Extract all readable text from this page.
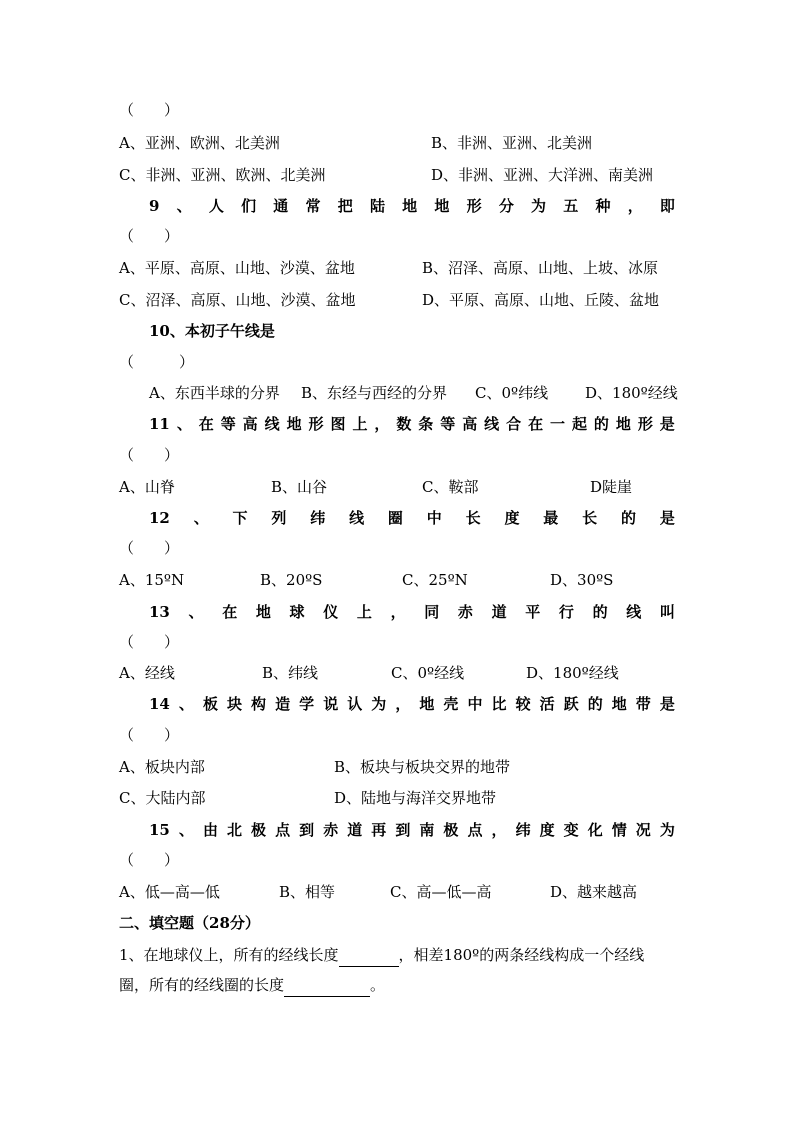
（　　）
A、亚洲、欧洲、北美洲	B、非洲、亚洲、北美洲
C、非洲、亚洲、欧洲、北美洲	D、非洲、亚洲、大洋洲、南美洲
9 、 人 们 通 常 把 陆 地 地 形 分 为 五 种 ， 即
（　　）
A、平原、高原、山地、沙漠、盆地	B、沼泽、高原、山地、上坡、冰原
C、沼泽、高原、山地、沙漠、盆地	D、平原、高原、山地、丘陵、盆地
10、本初子午线是
（　　　）
A、东西半球的分界 B、东经与西经的分界 C、0º纬线 D、180º经线
11 、 在 等 高 线 地 形 图 上 ， 数 条 等 高 线 合 在 一 起 的 地 形 是
（　　）
A、山脊	B、山谷	C、鞍部	D陡崖
12 、 下 列 纬 线 圈 中 长 度 最 长 的 是
（　　）
A、15ºN	B、20ºS	C、25ºN	D、30ºS
13 、 在 地 球 仪 上 ， 同 赤 道 平 行 的 线 叫
（　　）
A、经线	B、纬线	C、0º经线	D、180º经线
14 、 板 块 构 造 学 说 认 为 ， 地 壳 中 比 较 活 跃 的 地 带 是
（　　）
A、板块内部	B、板块与板块交界的地带
C、大陆内部	D、陆地与海洋交界地带
15 、 由 北 极 点 到 赤 道 再 到 南 极 点 ， 纬 度 变 化 情 况 为
（　　）
A、低—高—低	B、相等	C、高—低—高	D、越来越高
二、填空题（28分）
1、在地球仪上，所有的经线长度	，相差180º的两条经线构成一个经线
圈，所有的经线圈的长度	。
